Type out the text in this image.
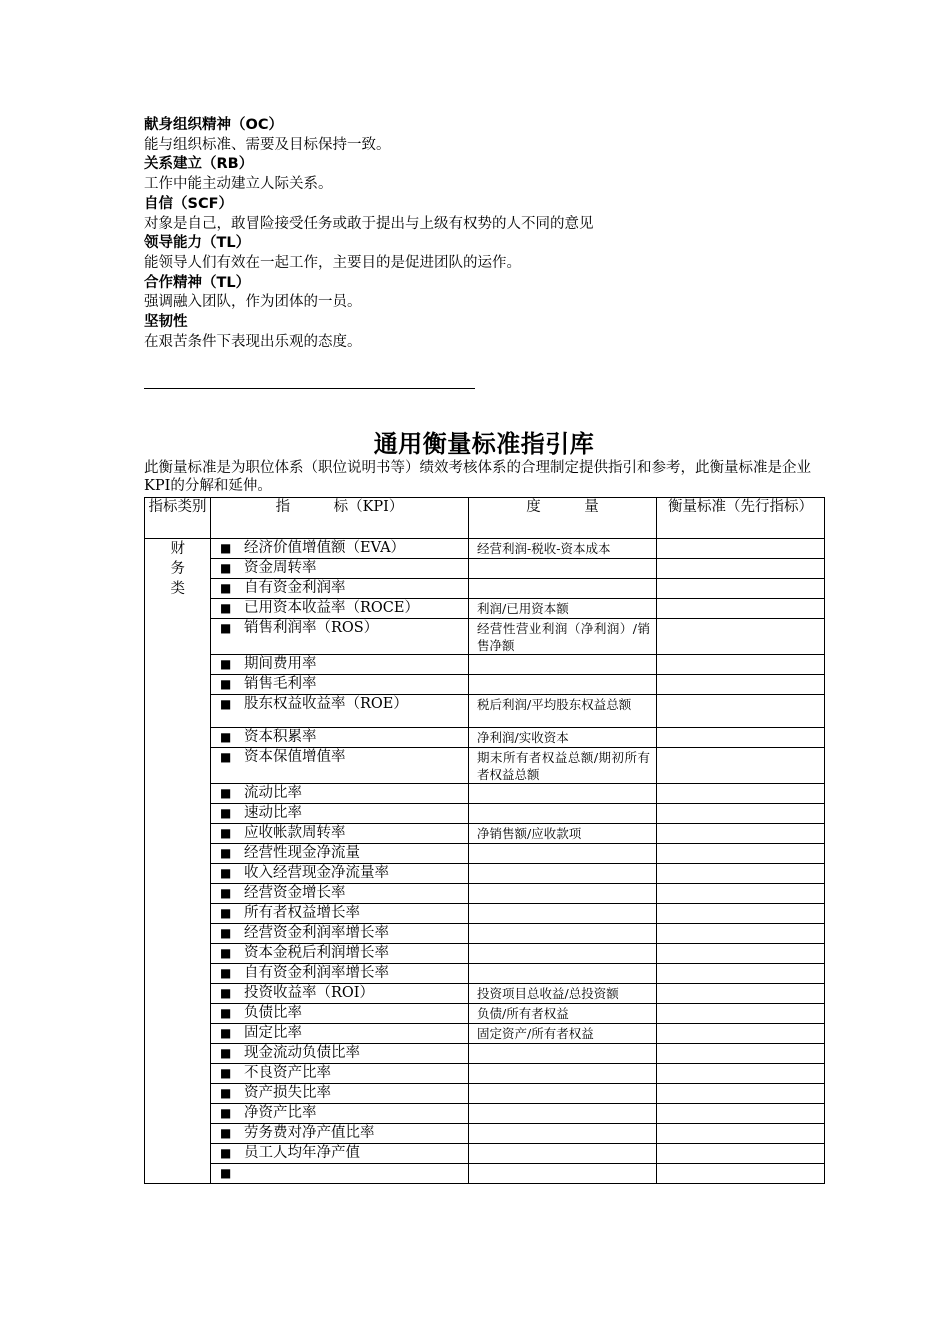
献身组织精神（OC）
能与组织标准、需要及目标保持一致。
关系建立（RB）
工作中能主动建立人际关系。
自信（SCF）
对象是自己，敢冒险接受任务或敢于提出与上级有权势的人不同的意见
领导能力（TL）
能领导人们有效在一起工作，主要目的是促进团队的运作。
合作精神（TL）
强调融入团队，作为团体的一员。
坚韧性
在艰苦条件下表现出乐观的态度。
通用衡量标准指引库
此衡量标准是为职位体系（职位说明书等）绩效考核体系的合理制定提供指引和参考，此衡量标准是企业KPI的分解和延伸。
指标类别	指　　　标（KPI）	度　　　量	衡量标准（先行指标）

财务类	■ 经济价值增值额（EVA）	经营利润-税收-资本成本	
	■ 资金周转率		
	■ 自有资金利润率		
	■ 已用资本收益率（ROCE）	利润/已用资本额	
	■ 销售利润率（ROS）	经营性营业利润（净利润）/销售净额	
	■ 期间费用率		
	■ 销售毛利率		
	■ 股东权益收益率（ROE）	税后利润/平均股东权益总额	
	■ 资本积累率	净利润/实收资本	
	■ 资本保值增值率	期末所有者权益总额/期初所有者权益总额	
	■ 流动比率		
	■ 速动比率		
	■ 应收帐款周转率	净销售额/应收款项	
	■ 经营性现金净流量		
	■ 收入经营现金净流量率		
	■ 经营资金增长率		
	■ 所有者权益增长率		
	■ 经营资金利润率增长率		
	■ 资本金税后利润增长率		
	■ 自有资金利润率增长率		
	■ 投资收益率（ROI）	投资项目总收益/总投资额	
	■ 负债比率	负债/所有者权益	
	■ 固定比率	固定资产/所有者权益	
	■ 现金流动负债比率		
	■ 不良资产比率		
	■ 资产损失比率		
	■ 净资产比率		
	■ 劳务费对净产值比率		
	■ 员工人均年净产值		
	■		
